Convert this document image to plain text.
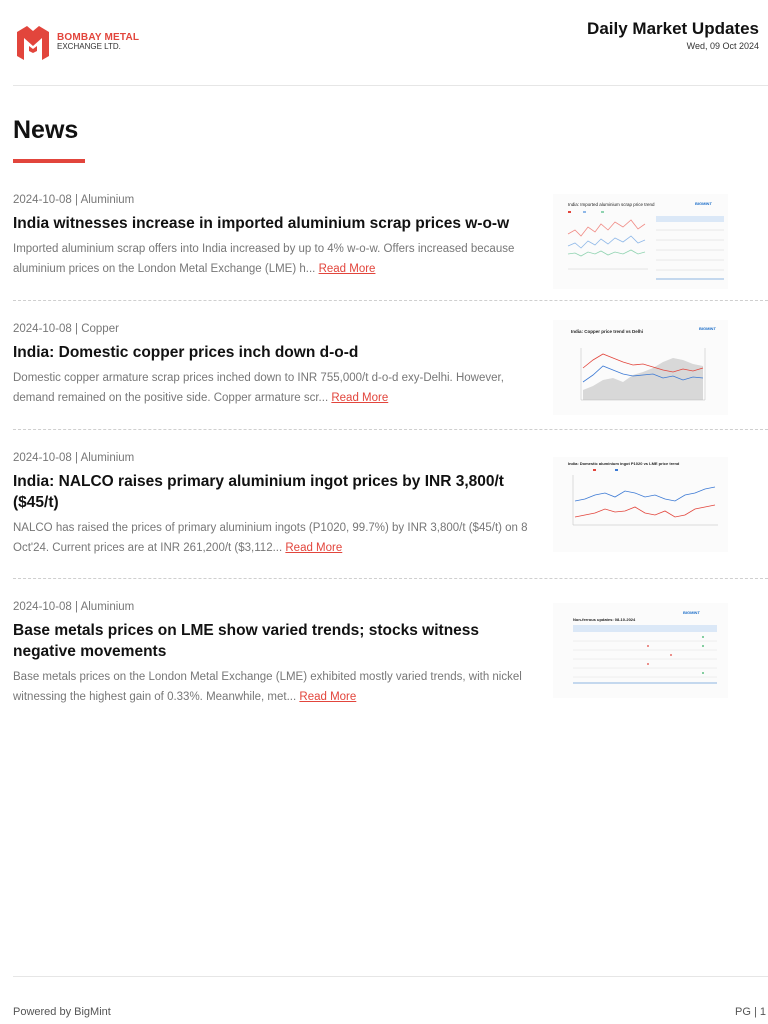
BOMBAY METAL
EXCHANGE LTD.
Daily Market Updates
Wed, 09 Oct 2024
News
2024-10-08 | Aluminium
India witnesses increase in imported aluminium scrap prices w-o-w
Imported aluminium scrap offers into India increased by up to 4% w-o-w. Offers increased because aluminium prices on the London Metal Exchange (LME) h... Read More
India: Imported aluminium scrap price trend	BIGMINT
2024-10-08 | Copper
India: Domestic copper prices inch down d-o-d
Domestic copper armature scrap prices inched down to INR 755,000/t d-o-d exy-Delhi. However, demand remained on the positive side. Copper armature scr... Read More
India: Copper price trend vs Delhi
BIGMINT
2024-10-08 | Aluminium
India: NALCO raises primary aluminium ingot prices by INR 3,800/t ($45/t)
NALCO has raised the prices of primary aluminium ingots (P1020, 99.7%) by INR 3,800/t ($45/t) on 8 Oct'24. Current prices are at INR 261,200/t ($3,112... Read More
India: Domestic aluminium ingot P1020 vs LME price trend
2024-10-08 | Aluminium
Base metals prices on LME show varied trends; stocks witness negative movements
Base metals prices on the London Metal Exchange (LME) exhibited mostly varied trends, with nickel witnessing the highest gain of 0.33%. Meanwhile, met... Read More
Non-ferrous updates: 08-10-2024
BIGMINT
Powered by BigMint	PG | 1
